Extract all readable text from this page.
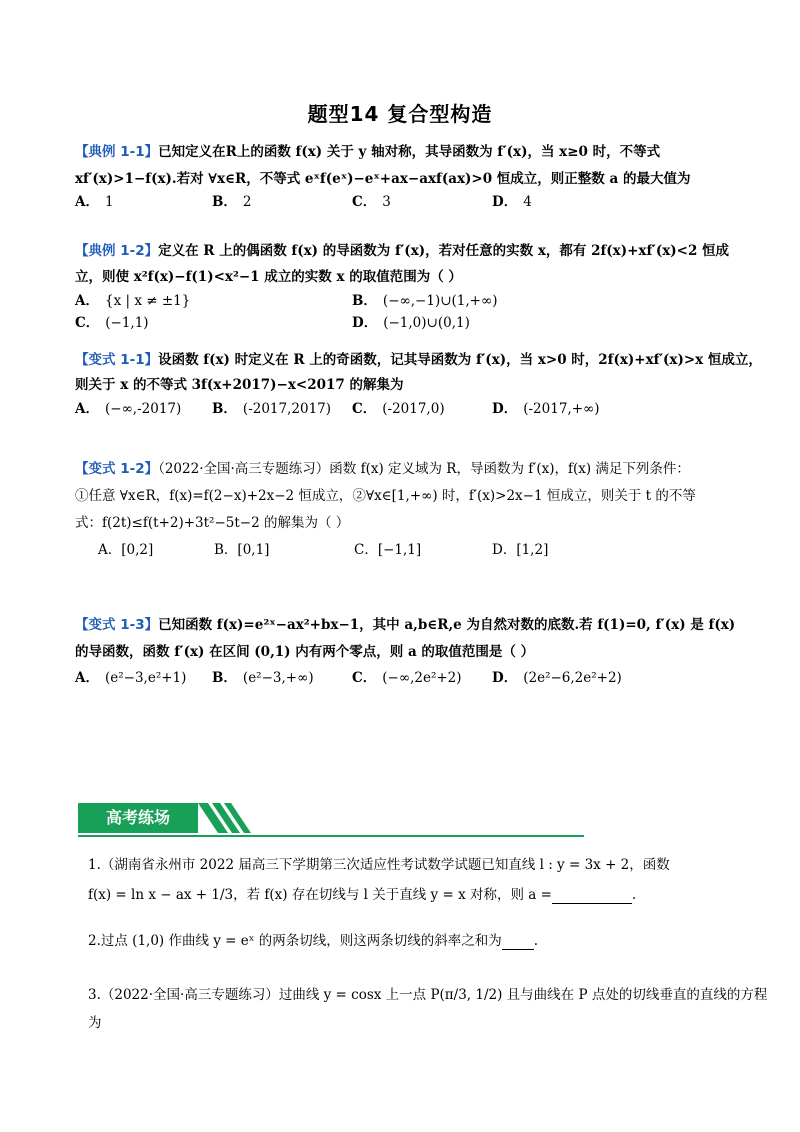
题型14 复合型构造
【典例 1-1】已知定义在R上的函数 f(x) 关于 y 轴对称，其导函数为 f′(x)，当 x≥0 时，不等式
xf′(x)>1−f(x).若对 ∀x∈R，不等式 eˣf(eˣ)−eˣ+ax−axf(ax)>0 恒成立，则正整数 a 的最大值为
A． 1	B． 2	C． 3	D． 4
【典例 1-2】定义在 R 上的偶函数 f(x) 的导函数为 f′(x)，若对任意的实数 x，都有 2f(x)+xf′(x)<2 恒成
立，则使 x²f(x)−f(1)<x²−1 成立的实数 x 的取值范围为（ ）
A． {x | x ≠ ±1}	B． (−∞,−1)∪(1,+∞)
C． (−1,1)	D． (−1,0)∪(0,1)
【变式 1-1】设函数 f(x) 时定义在 R 上的奇函数，记其导函数为 f′(x)，当 x>0 时，2f(x)+xf′(x)>x 恒成立，
则关于 x 的不等式 3f(x+2017)−x<2017 的解集为
A． (−∞,-2017) B． (-2017,2017) C． (-2017,0)	D． (-2017,+∞)
【变式 1-2】（2022·全国·高三专题练习）函数 f(x) 定义域为 R，导函数为 f′(x)，f(x) 满足下列条件：
①任意 ∀x∈R，f(x)=f(2−x)+2x−2 恒成立，②∀x∈[1,+∞) 时，f′(x)>2x−1 恒成立，则关于 t 的不等
式：f(2t)≤f(t+2)+3t²−5t−2 的解集为（ ）
A．[0,2]	B．[0,1]	C．[−1,1]	D．[1,2]
【变式 1-3】已知函数 f(x)=e²ˣ−ax²+bx−1，其中 a,b∈R,e 为自然对数的底数.若 f(1)=0, f′(x) 是 f(x)
的导函数，函数 f′(x) 在区间 (0,1) 内有两个零点，则 a 的取值范围是（ ）
A． (e²−3,e²+1) B． (e²−3,+∞)	C． (−∞,2e²+2) D． (2e²−6,2e²+2)
高考练场
1.（湖南省永州市 2022 届高三下学期第三次适应性考试数学试题已知直线 l : y = 3x + 2，函数
f(x) = ln x − ax + 1/3，若 f(x) 存在切线与 l 关于直线 y = x 对称，则 a =	.
2.过点 (1,0) 作曲线 y = eˣ 的两条切线，则这两条切线的斜率之和为 .
3.（2022·全国·高三专题练习）过曲线 y = cosx 上一点 P(π/3, 1/2) 且与曲线在 P 点处的切线垂直的直线的方程
为
